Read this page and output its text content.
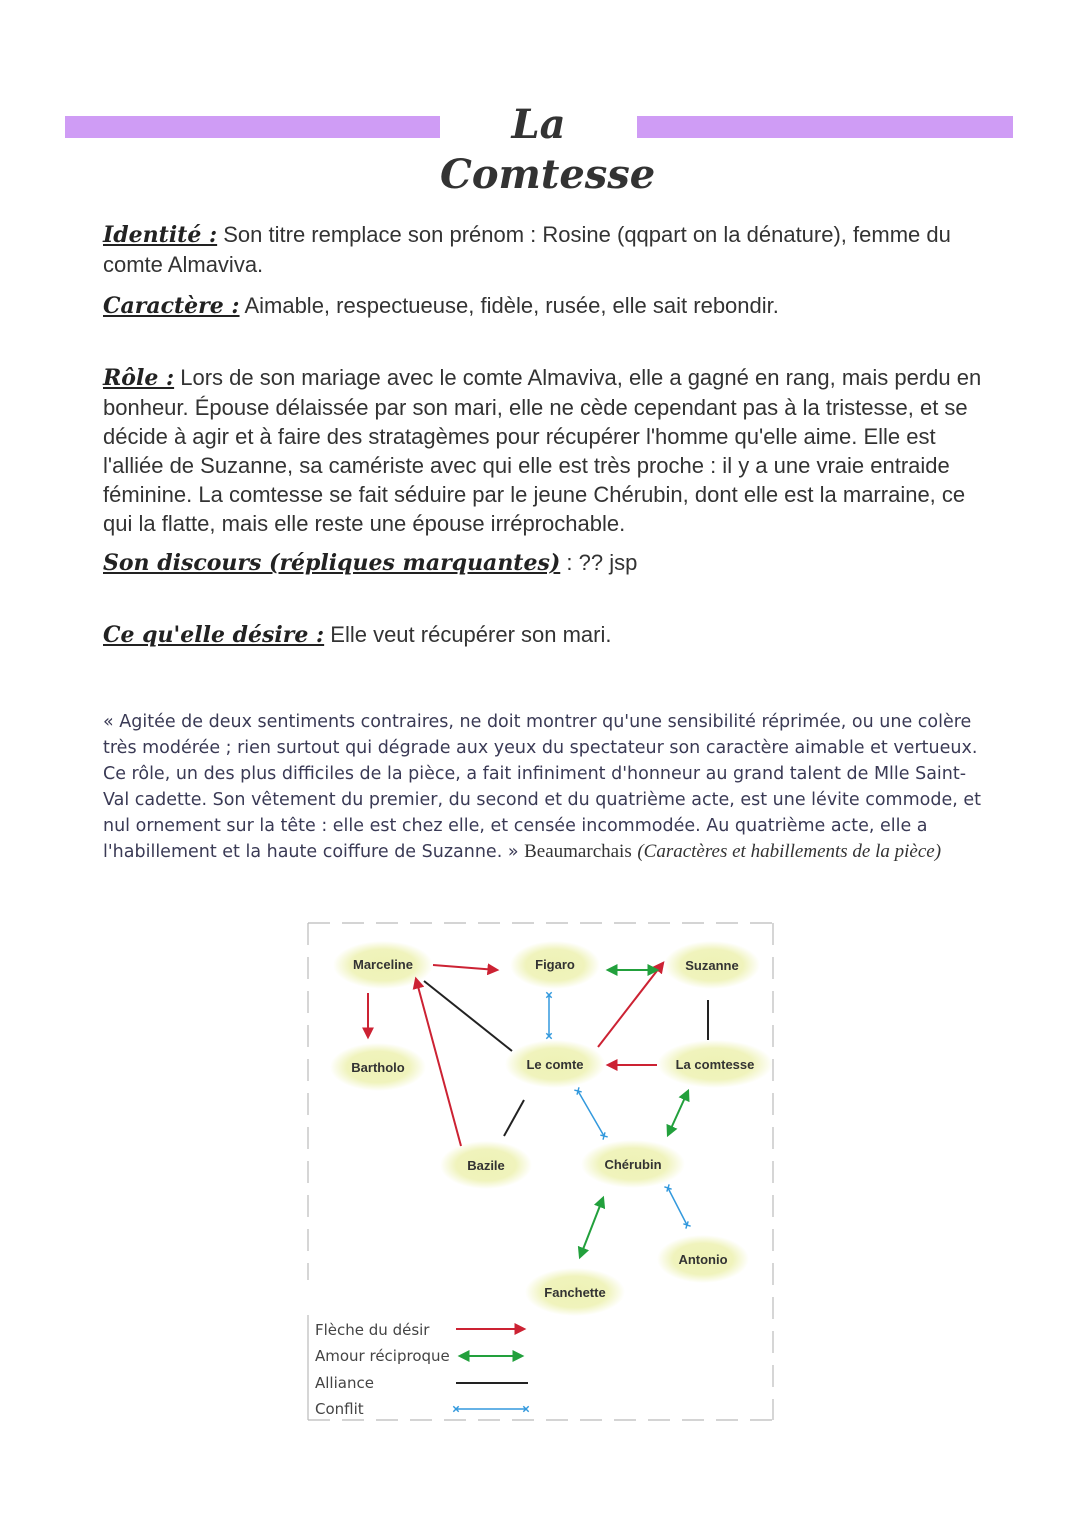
La Comtesse
Identité : Son titre remplace son prénom : Rosine (qqpart on la dénature), femme du comte Almaviva.
Caractère : Aimable, respectueuse, fidèle, rusée, elle sait rebondir.
Rôle : Lors de son mariage avec le comte Almaviva, elle a gagné en rang, mais perdu en bonheur. Épouse délaissée par son mari, elle ne cède cependant pas à la tristesse, et se décide à agir et à faire des stratagèmes pour récupérer l'homme qu'elle aime. Elle est l'alliée de Suzanne, sa camériste avec qui elle est très proche : il y a une vraie entraide féminine. La comtesse se fait séduire par le jeune Chérubin, dont elle est la marraine, ce qui la flatte, mais elle reste une épouse irréprochable.
Son discours (répliques marquantes) : ?? jsp
Ce qu'elle désire : Elle veut récupérer son mari.
« Agitée de deux sentiments contraires, ne doit montrer qu'une sensibilité réprimée, ou une colère très modérée ; rien surtout qui dégrade aux yeux du spectateur son caractère aimable et vertueux. Ce rôle, un des plus difficiles de la pièce, a fait infiniment d'honneur au grand talent de Mlle Saint-Val cadette. Son vêtement du premier, du second et du quatrième acte, est une lévite commode, et nul ornement sur la tête : elle est chez elle, et censée incommodée. Au quatrième acte, elle a l'habillement et la haute coiffure de Suzanne. » Beaumarchais (Caractères et habillements de la pièce)
Marceline	Figaro	Suzanne
Bartholo	Le comte	La comtesse
Bazile	Chérubin
Antonio
Fanchette
Flèche du désir
Amour réciproque
Alliance
Conflit
